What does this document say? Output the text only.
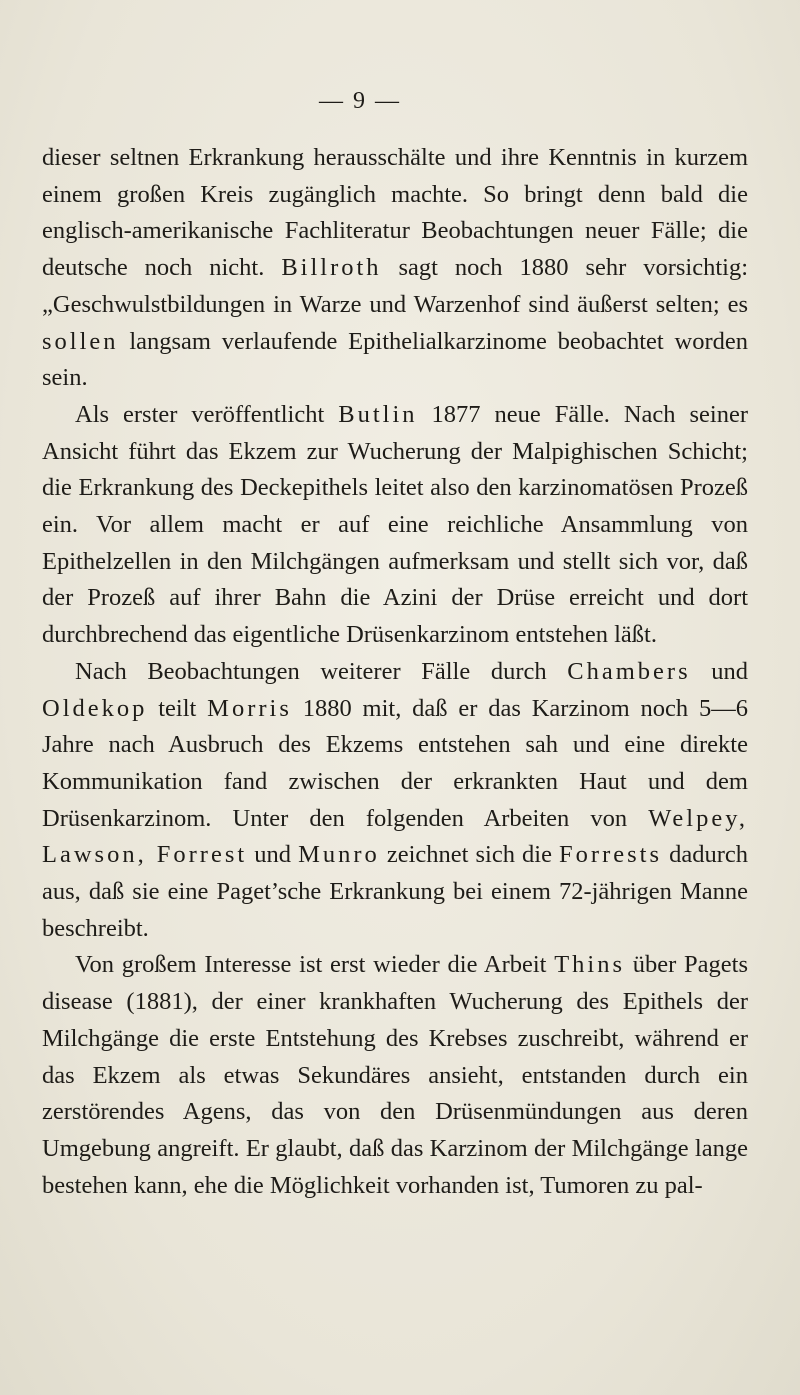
— 9 —

dieser seltnen Erkrankung herausschälte und ihre Kenntnis in kurzem einem großen Kreis zugänglich machte. So bringt denn bald die englisch-amerikanische Fachliteratur Beobachtungen neuer Fälle; die deutsche noch nicht. Billroth sagt noch 1880 sehr vorsichtig: „Geschwulstbildungen in Warze und Warzenhof sind äußerst selten; es sollen langsam verlaufende Epithelialkarzinome beobachtet worden sein.

Als erster veröffentlicht Butlin 1877 neue Fälle. Nach seiner Ansicht führt das Ekzem zur Wucherung der Malpighischen Schicht; die Erkrankung des Deckepithels leitet also den karzinomatösen Prozeß ein. Vor allem macht er auf eine reichliche Ansammlung von Epithelzellen in den Milchgängen aufmerksam und stellt sich vor, daß der Prozeß auf ihrer Bahn die Azini der Drüse erreicht und dort durchbrechend das eigentliche Drüsenkarzinom entstehen läßt.

Nach Beobachtungen weiterer Fälle durch Chambers und Oldekop teilt Morris 1880 mit, daß er das Karzinom noch 5—6 Jahre nach Ausbruch des Ekzems entstehen sah und eine direkte Kommunikation fand zwischen der erkrankten Haut und dem Drüsenkarzinom. Unter den folgenden Arbeiten von Welpey, Lawson, Forrest und Munro zeichnet sich die Forrests dadurch aus, daß sie eine Paget’sche Erkrankung bei einem 72-jährigen Manne beschreibt.

Von großem Interesse ist erst wieder die Arbeit Thins über Pagets disease (1881), der einer krankhaften Wucherung des Epithels der Milchgänge die erste Entstehung des Krebses zuschreibt, während er das Ekzem als etwas Sekundäres ansieht, entstanden durch ein zerstörendes Agens, das von den Drüsenmündungen aus deren Umgebung angreift. Er glaubt, daß das Karzinom der Milchgänge lange bestehen kann, ehe die Möglichkeit vorhanden ist, Tumoren zu pal-
